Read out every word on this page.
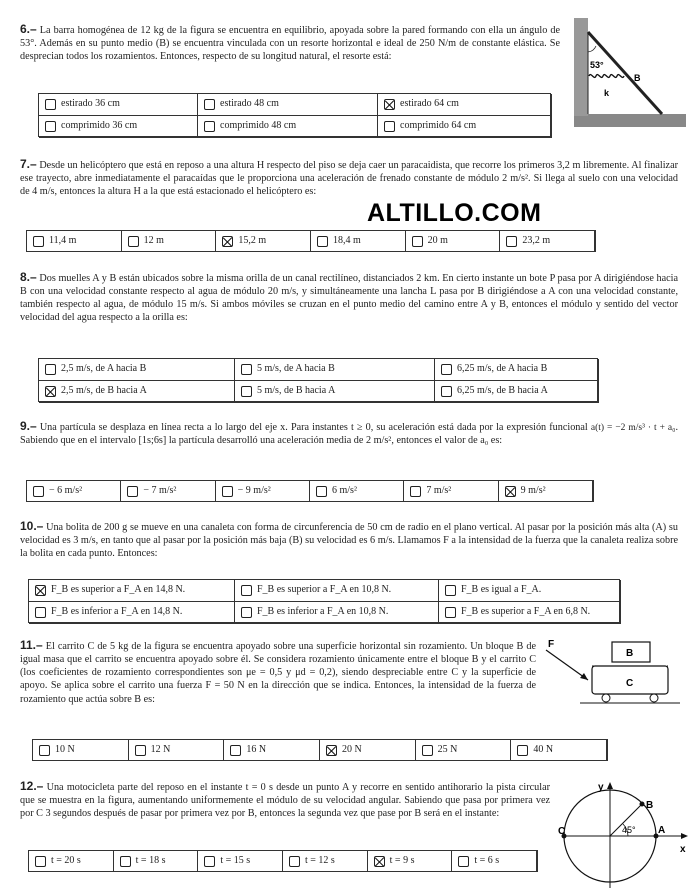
ALTILLO.COM

6.– La barra homogénea de 12 kg de la figura se encuentra en equilibrio, apoyada sobre la pared formando con ella un ángulo de 53°. Además en su punto medio (B) se encuentra vinculada con un resorte horizontal e ideal de 250 N/m de constante elástica. Se desprecian todos los rozamientos. Entonces, respecto de su longitud natural, el resorte está:

53°
B
k
estirado 36 cm	estirado 48 cm	estirado 64 cm
comprimido 36 cm	comprimido 48 cm	comprimido 64 cm

7.– Desde un helicóptero que está en reposo a una altura H respecto del piso se deja caer un paracaidista, que recorre los primeros 3,2 m libremente. Al finalizar ese trayecto, abre inmediatamente el paracaídas que le proporciona una aceleración de frenado constante de módulo 2 m/s². Si llega al suelo con una velocidad de 4 m/s, entonces la altura H a la que está estacionado el helicóptero es:

11,4 m	12 m	15,2 m	18,4 m	20 m	23,2 m

8.– Dos muelles A y B están ubicados sobre la misma orilla de un canal rectilíneo, distanciados 2 km. En cierto instante un bote P pasa por A dirigiéndose hacia B con una velocidad constante respecto al agua de módulo 20 m/s, y simultáneamente una lancha L pasa por B dirigiéndose a A con una velocidad constante, también respecto al agua, de módulo 15 m/s. Si ambos móviles se cruzan en el punto medio del camino entre A y B, entonces el módulo y sentido del vector velocidad del agua respecto a la orilla es:

2,5 m/s, de A hacia B	5 m/s, de A hacia B	6,25 m/s, de A hacia B
2,5 m/s, de B hacia A	5 m/s, de B hacia A	6,25 m/s, de B hacia A

9.– Una partícula se desplaza en línea recta a lo largo del eje x. Para instantes t ≥ 0, su aceleración está dada por la expresión funcional a(t) = −2 m/s³ · t + a₀. Sabiendo que en el intervalo [1s;6s] la partícula desarrolló una aceleración media de 2 m/s², entonces el valor de a₀ es:

− 6 m/s²	− 7 m/s²	− 9 m/s²	6 m/s²	7 m/s²	9 m/s²

10.– Una bolita de 200 g se mueve en una canaleta con forma de circunferencia de 50 cm de radio en el plano vertical. Al pasar por la posición más alta (A) su velocidad es 3 m/s, en tanto que al pasar por la posición más baja (B) su velocidad es 6 m/s. Llamamos F a la intensidad de la fuerza que la canaleta realiza sobre la bolita en cada punto. Entonces:

F_B es superior a F_A en 14,8 N.	F_B es superior a F_A en 10,8 N.	F_B es igual a F_A.
F_B es inferior a F_A en 14,8 N.	F_B es inferior a F_A en 10,8 N.	F_B es superior a F_A en 6,8 N.

11.– El carrito C de 5 kg de la figura se encuentra apoyado sobre una superficie horizontal sin rozamiento. Un bloque B de igual masa que el carrito se encuentra apoyado sobre él. Se considera rozamiento únicamente entre el bloque B y el carrito C (los coeficientes de rozamiento correspondientes son μe = 0,5 y μd = 0,2), siendo despreciable entre C y la superficie de apoyo. Se aplica sobre el carrito una fuerza F = 50 N en la dirección que se indica. Entonces, la intensidad de la fuerza de rozamiento que actúa sobre B es:

F
B
C
10 N	12 N	16 N	20 N	25 N	40 N

12.– Una motocicleta parte del reposo en el instante t = 0 s desde un punto A y recorre en sentido antihorario la pista circular que se muestra en la figura, aumentando uniformemente el módulo de su velocidad angular. Sabiendo que pasa por primera vez por C 3 segundos después de pasar por primera vez por B, entonces la segunda vez que pase por B será en el instante:

y
x
B
A
C	45°
t = 20 s	t = 18 s	t = 15 s	t = 12 s	t = 9 s	t = 6 s
